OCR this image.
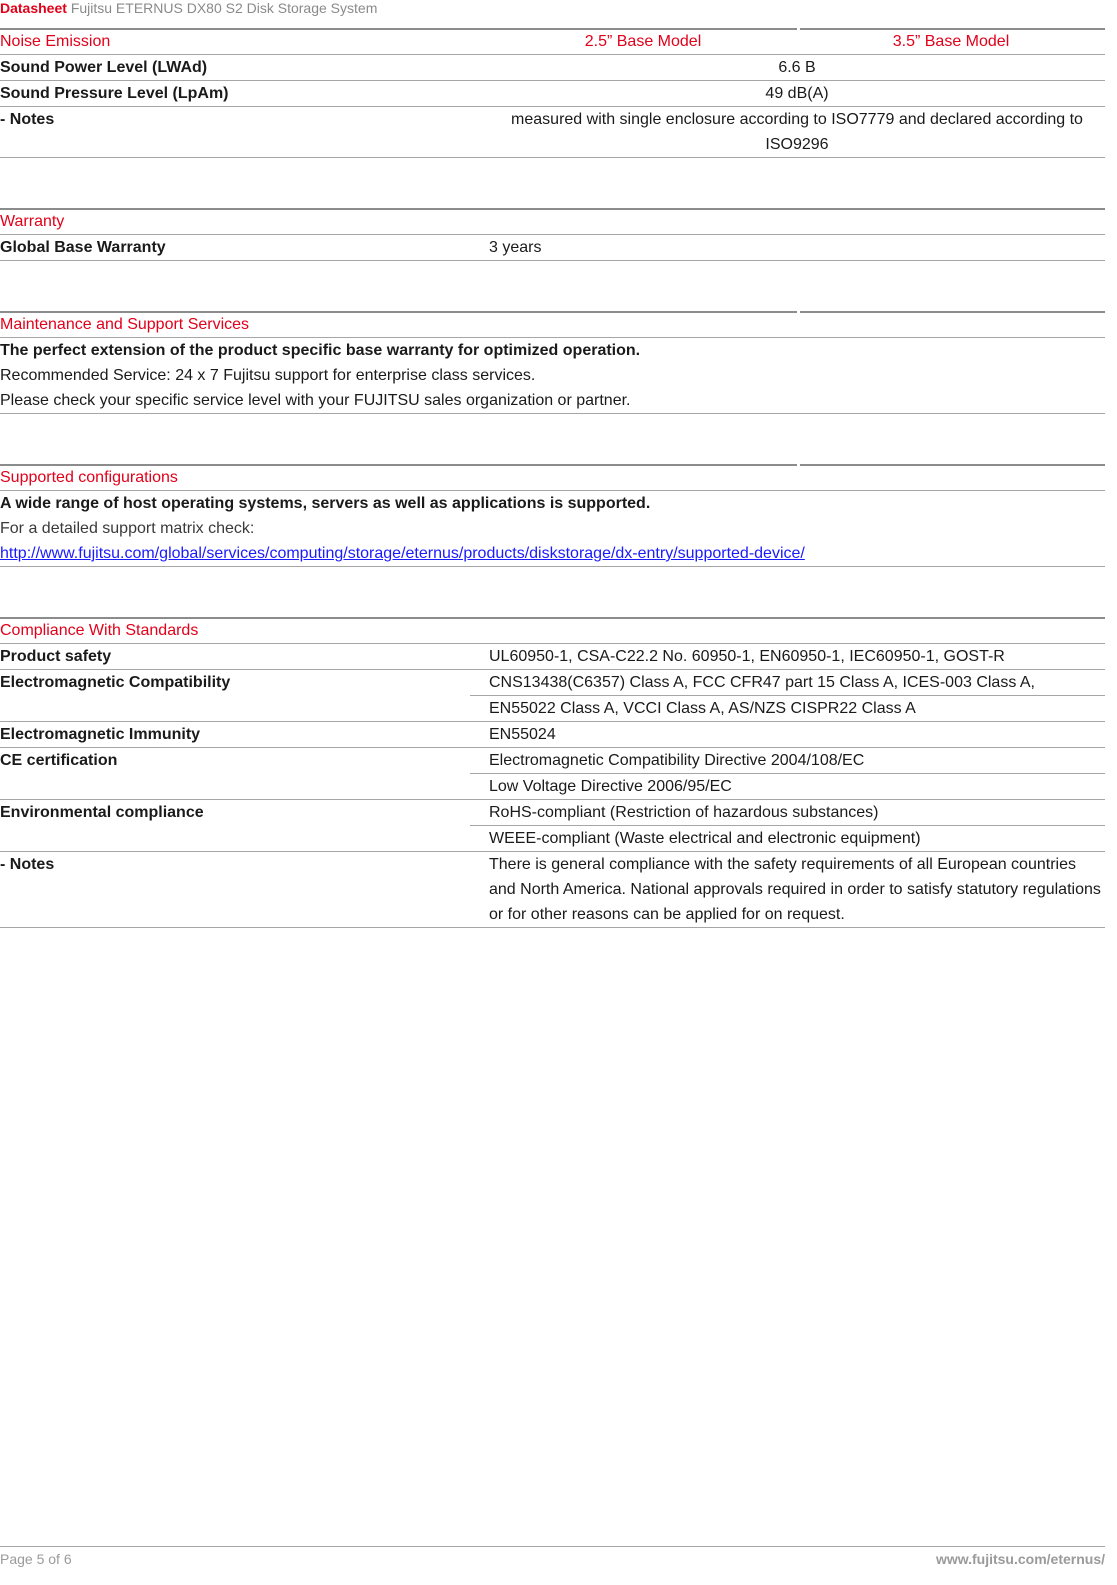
Datasheet Fujitsu ETERNUS DX80 S2 Disk Storage System
Noise Emission	2.5” Base Model	3.5” Base Model
Sound Power Level (LWAd)	6.6 B
Sound Pressure Level (LpAm)	49 dB(A)
- Notes	measured with single enclosure according to ISO7779 and declared according to ISO9296
Warranty
Global Base Warranty	3 years
Maintenance and Support Services
The perfect extension of the product specific base warranty for optimized operation.
Recommended Service: 24 x 7 Fujitsu support for enterprise class services.
Please check your specific service level with your FUJITSU sales organization or partner.
Supported configurations
A wide range of host operating systems, servers as well as applications is supported.
For a detailed support matrix check:
http://www.fujitsu.com/global/services/computing/storage/eternus/products/diskstorage/dx-entry/supported-device/
Compliance With Standards
Product safety	UL60950-1, CSA-C22.2 No. 60950-1, EN60950-1, IEC60950-1, GOST-R
Electromagnetic Compatibility	CNS13438(C6357) Class A, FCC CFR47 part 15 Class A, ICES-003 Class A,
EN55022 Class A, VCCI Class A, AS/NZS CISPR22 Class A
Electromagnetic Immunity	EN55024
CE certification	Electromagnetic Compatibility Directive 2004/108/EC
Low Voltage Directive 2006/95/EC
Environmental compliance	RoHS-compliant (Restriction of hazardous substances)
WEEE-compliant (Waste electrical and electronic equipment)
- Notes	There is general compliance with the safety requirements of all European countries and North America. National approvals required in order to satisfy statutory regulations or for other reasons can be applied for on request.
Page 5 of 6	www.fujitsu.com/eternus/
